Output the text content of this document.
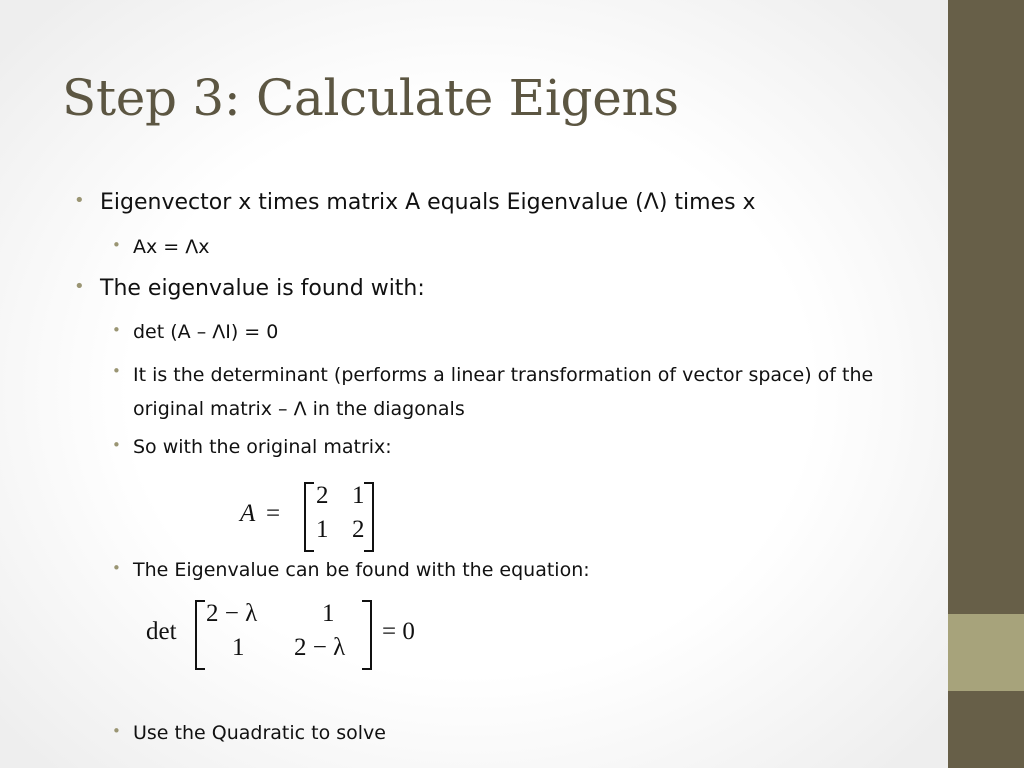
Step 3: Calculate Eigens
• Eigenvector x times matrix A equals Eigenvalue (Λ) times x
• Ax = Λx
• The eigenvalue is found with:
• det (A – ΛI) = 0
• It is the determinant (performs a linear transformation of vector space) of the original matrix – Λ in the diagonals
• So with the original matrix:
A =
2 1
1 2
• The Eigenvalue can be found with the equation:
det
2 − λ	1
1 2 − λ
= 0
• Use the Quadratic to solve
